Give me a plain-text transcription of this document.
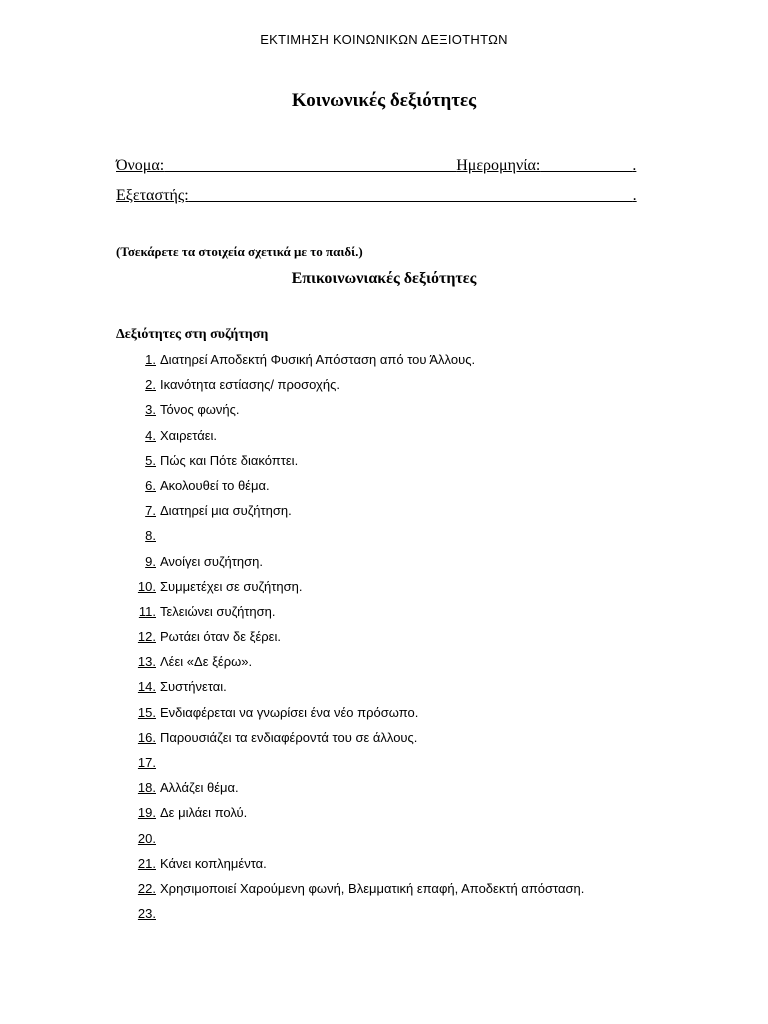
ΕΚΤΙΜΗΣΗ ΚΟΙΝΩΝΙΚΩΝ ΔΕΞΙΟΤΗΤΩΝ
Κοινωνικές δεξιότητες
Όνομα:	Ημερομηνία:	.
Εξεταστής:	.
(Τσεκάρετε τα στοιχεία σχετικά με το παιδί.)
Επικοινωνιακές δεξιότητες
Δεξιότητες στη συζήτηση
1. Διατηρεί Αποδεκτή Φυσική Απόσταση από του Άλλους.
2. Ικανότητα εστίασης/ προσοχής.
3. Τόνος φωνής.
4. Χαιρετάει.
5. Πώς και Πότε διακόπτει.
6. Ακολουθεί το θέμα.
7. Διατηρεί μια συζήτηση.
8.
9. Ανοίγει συζήτηση.
10. Συμμετέχει σε συζήτηση.
11. Τελειώνει συζήτηση.
12. Ρωτάει όταν δε ξέρει.
13. Λέει «Δε ξέρω».
14. Συστήνεται.
15. Ενδιαφέρεται να γνωρίσει ένα νέο πρόσωπο.
16. Παρουσιάζει τα ενδιαφέροντά του σε άλλους.
17.
18. Αλλάζει θέμα.
19. Δε μιλάει πολύ.
20.
21. Κάνει κοπλημέντα.
22. Χρησιμοποιεί Χαρούμενη φωνή, Βλεμματική επαφή, Αποδεκτή απόσταση.
23.
